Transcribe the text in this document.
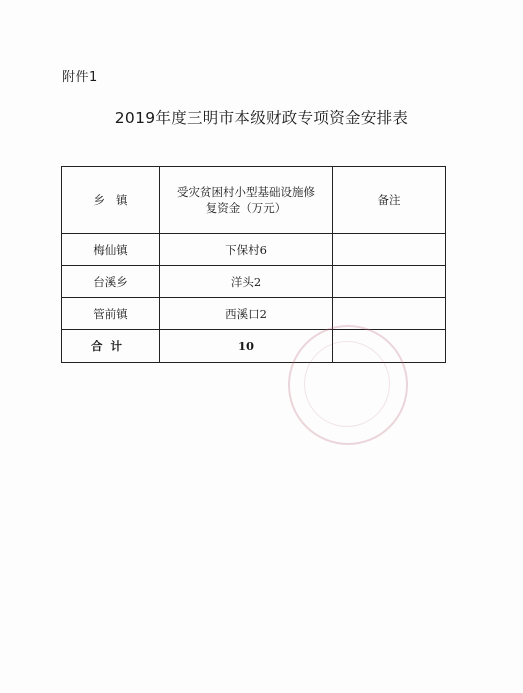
附件1
2019年度三明市本级财政专项资金安排表
乡   镇	受灾贫困村小型基础设施修复资金（万元）	备注
梅仙镇	下保村6	
台溪乡	洋头2	
管前镇	西溪口2	
合计	10	
